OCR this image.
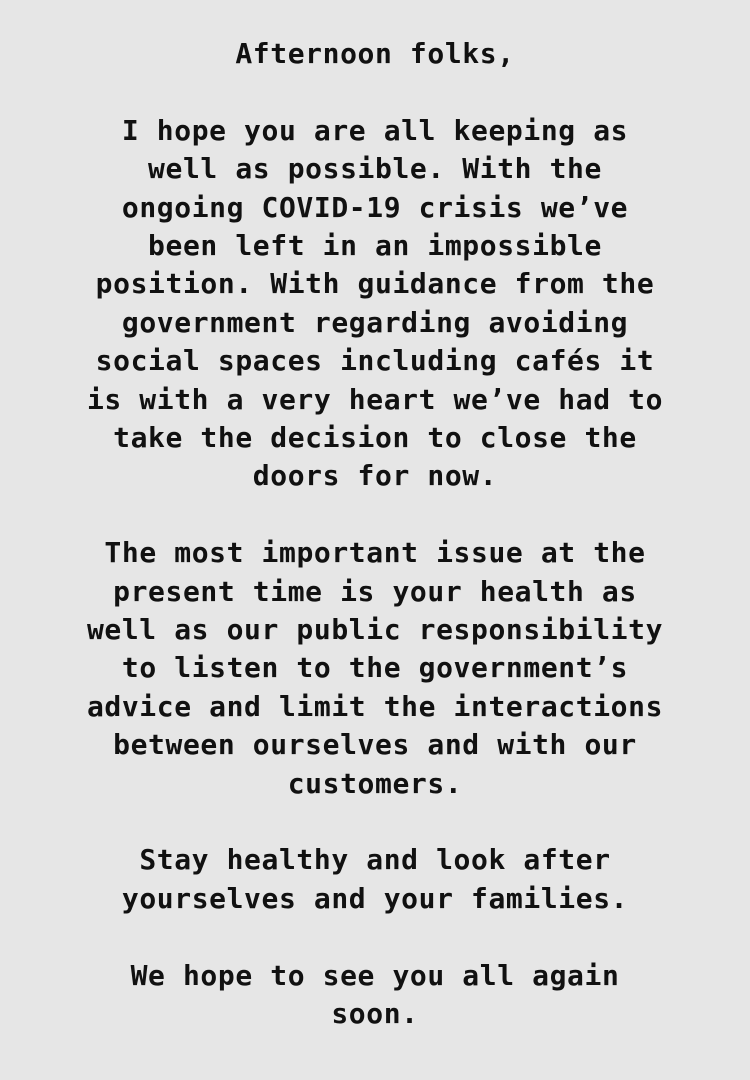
Afternoon folks,

I hope you are all keeping as
well as possible. With the
ongoing COVID-19 crisis we’ve
been left in an impossible
position. With guidance from the
government regarding avoiding
social spaces including cafés it
is with a very heart we’ve had to
take the decision to close the
doors for now.

The most important issue at the
present time is your health as
well as our public responsibility
to listen to the government’s
advice and limit the interactions
between ourselves and with our
customers.

Stay healthy and look after
yourselves and your families.

We hope to see you all again
soon.
